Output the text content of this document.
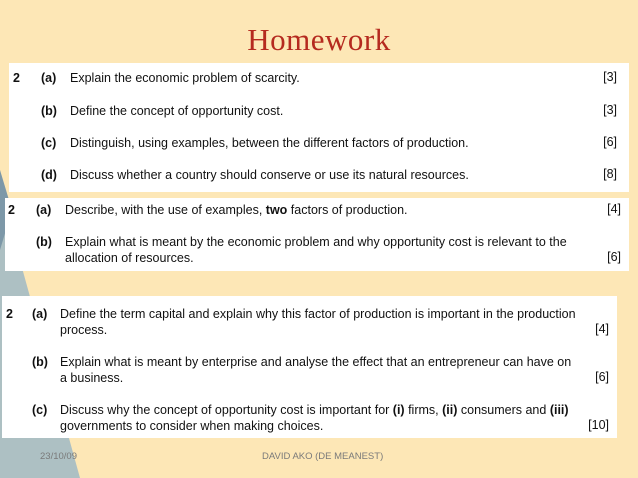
Homework
2 (a) Explain the economic problem of scarcity.	[3]
(b) Define the concept of opportunity cost.	[3]
(c) Distinguish, using examples, between the different factors of production.	[6]
(d) Discuss whether a country should conserve or use its natural resources.	[8]
2 (a) Describe, with the use of examples, two factors of production.	[4]
(b) Explain what is meant by the economic problem and why opportunity cost is relevant to the
allocation of resources.	[6]
2 (a) Define the term capital and explain why this factor of production is important in the production
process.	[4]
(b) Explain what is meant by enterprise and analyse the effect that an entrepreneur can have on
a business.	[6]
(c) Discuss why the concept of opportunity cost is important for (i) firms, (ii) consumers and (iii)
governments to consider when making choices.	[10]
23/10/09	DAVID AKO (DE MEANEST)
